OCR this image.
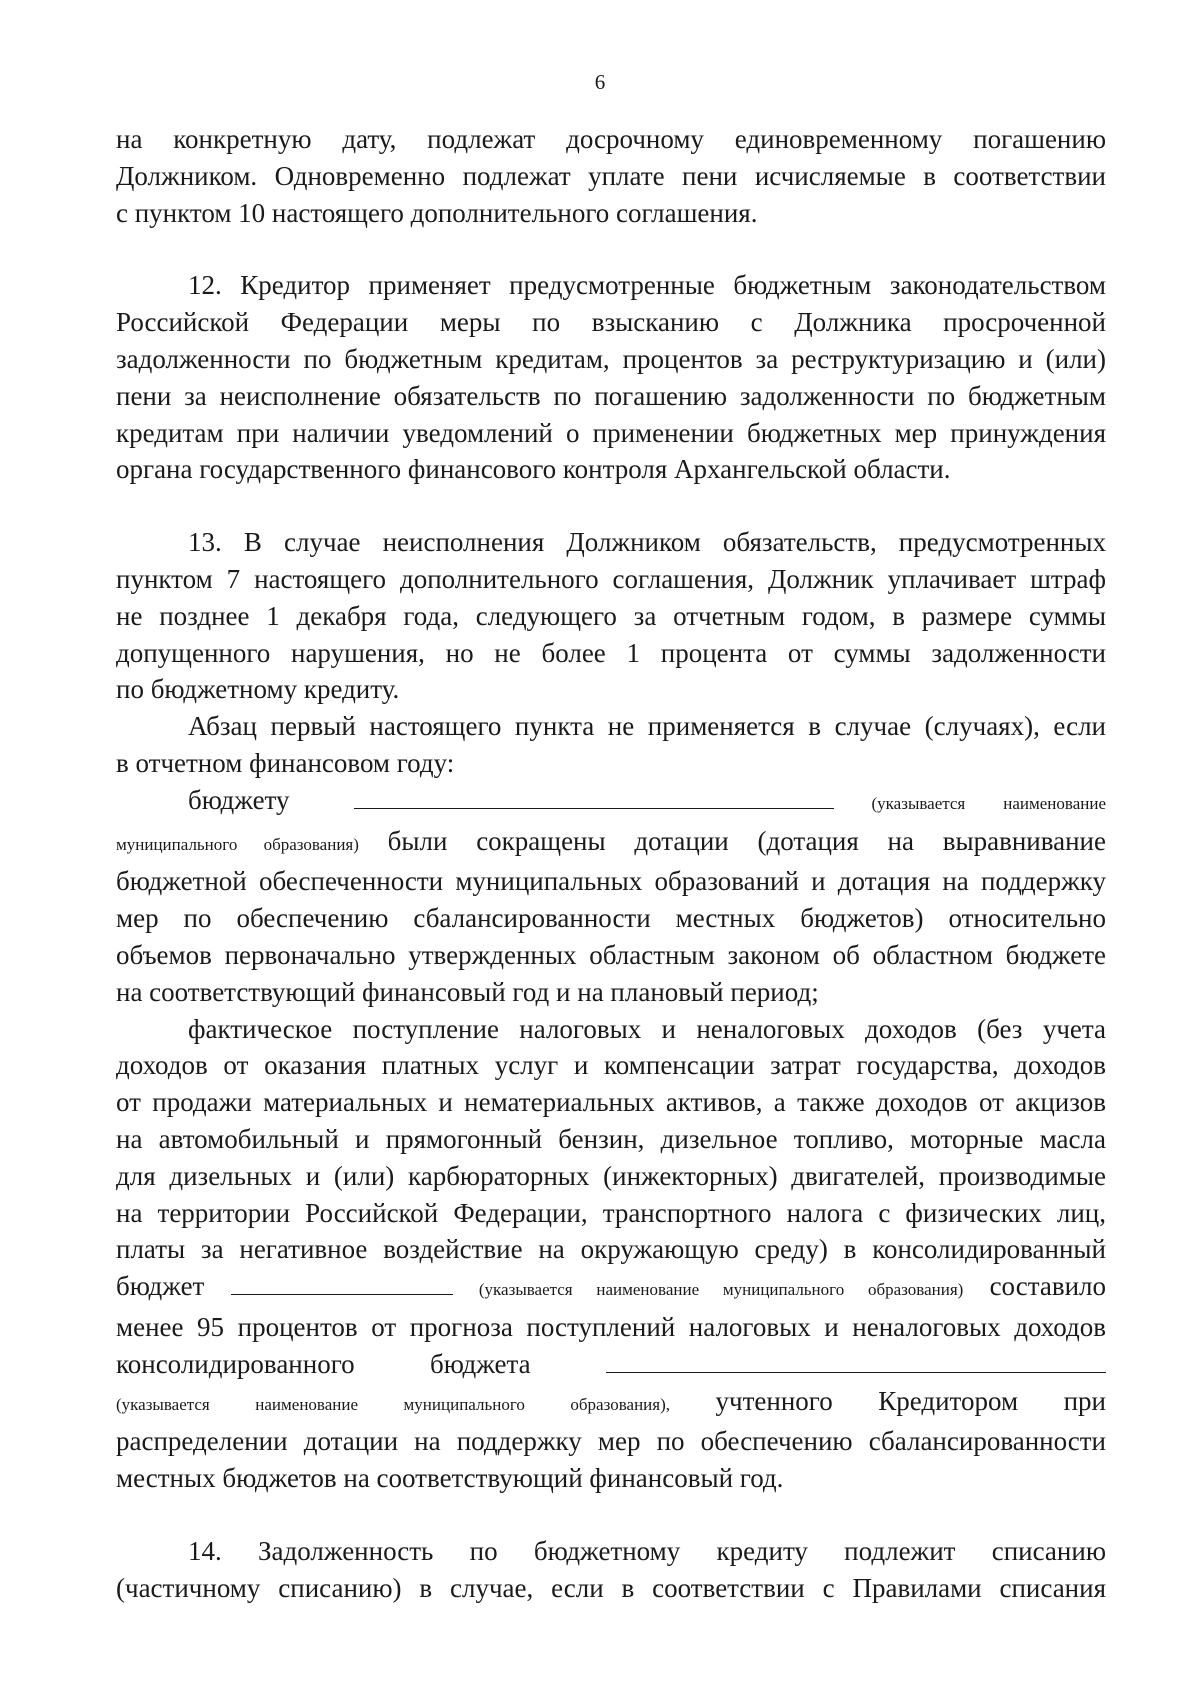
6

на конкретную дату, подлежат досрочному единовременному погашению

Должником. Одновременно подлежат уплате пени исчисляемые в соответствии

с пунктом 10 настоящего дополнительного соглашения.

12. Кредитор применяет предусмотренные бюджетным законодательством

Российской Федерации меры по взысканию с Должника просроченной

задолженности по бюджетным кредитам, процентов за реструктуризацию и (или)

пени за неисполнение обязательств по погашению задолженности по бюджетным

кредитам при наличии уведомлений о применении бюджетных мер принуждения

органа государственного финансового контроля Архангельской области.

13. В случае неисполнения Должником обязательств, предусмотренных

пунктом 7 настоящего дополнительного соглашения, Должник уплачивает штраф

не позднее 1 декабря года, следующего за отчетным годом, в размере суммы

допущенного нарушения, но не более 1 процента от суммы задолженности

по бюджетному кредиту.

Абзац первый настоящего пункта не применяется в случае (случаях), если

в отчетном финансовом году:

бюджету	(указывается наименование

муниципального образования) были сокращены дотации (дотация на выравнивание

бюджетной обеспеченности муниципальных образований и дотация на поддержку

мер по обеспечению сбалансированности местных бюджетов) относительно

объемов первоначально утвержденных областным законом об областном бюджете

на соответствующий финансовый год и на плановый период;

фактическое поступление налоговых и неналоговых доходов (без учета

доходов от оказания платных услуг и компенсации затрат государства, доходов

от продажи материальных и нематериальных активов, а также доходов от акцизов

на автомобильный и прямогонный бензин, дизельное топливо, моторные масла

для дизельных и (или) карбюраторных (инжекторных) двигателей, производимые

на территории Российской Федерации, транспортного налога с физических лиц,

платы за негативное воздействие на окружающую среду) в консолидированный

бюджет	(указывается наименование муниципального образования) составило

менее 95 процентов от прогноза поступлений налоговых и неналоговых доходов

консолидированного	бюджета

(указывается	наименование	муниципального	образования), учтенного Кредитором при

распределении дотации на поддержку мер по обеспечению сбалансированности

местных бюджетов на соответствующий финансовый год.

14. Задолженность по бюджетному кредиту подлежит списанию

(частичному списанию) в случае, если в соответствии с Правилами списания
